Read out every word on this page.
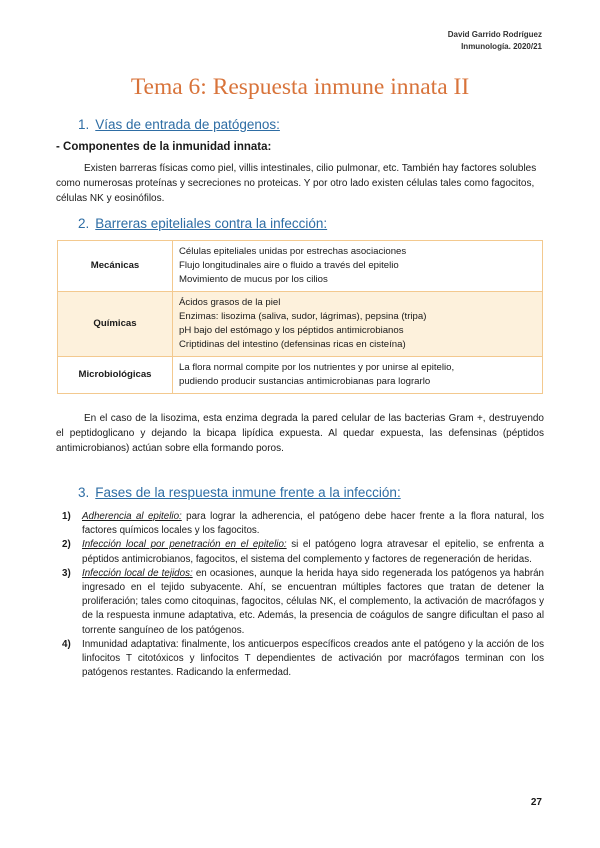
David Garrido Rodríguez
Inmunología. 2020/21
Tema 6: Respuesta inmune innata II
1. Vías de entrada de patógenos:
- Componentes de la inmunidad innata:
Existen barreras físicas como piel, villis intestinales, cilio pulmonar, etc. También hay factores solubles como numerosas proteínas y secreciones no proteicas. Y por otro lado existen células tales como fagocitos, células NK y eosinófilos.
2. Barreras epiteliales contra la infección:
Mecánicas	Células epiteliales unidas por estrechas asociaciones
Flujo longitudinales aire o fluido a través del epitelio
Movimiento de mucus por los cilios

Químicas	Ácidos grasos de la piel
Enzimas: lisozima (saliva, sudor, lágrimas), pepsina (tripa)
pH bajo del estómago y los péptidos antimicrobianos
Criptidinas del intestino (defensinas ricas en cisteína)

Microbiológicas	La flora normal compite por los nutrientes y por unirse al epitelio,
pudiendo producir sustancias antimicrobianas para lograrlo
En el caso de la lisozima, esta enzima degrada la pared celular de las bacterias Gram +, destruyendo el peptidoglicano y dejando la bicapa lipídica expuesta. Al quedar expuesta, las defensinas (péptidos antimicrobianos) actúan sobre ella formando poros.
3. Fases de la respuesta inmune frente a la infección:
1) Adherencia al epitelio: para lograr la adherencia, el patógeno debe hacer frente a la flora natural, los factores químicos locales y los fagocitos.
2) Infección local por penetración en el epitelio: si el patógeno logra atravesar el epitelio, se enfrenta a péptidos antimicrobianos, fagocitos, el sistema del complemento y factores de regeneración de heridas.
3) Infección local de tejidos: en ocasiones, aunque la herida haya sido regenerada los patógenos ya habrán ingresado en el tejido subyacente. Ahí, se encuentran múltiples factores que tratan de detener la proliferación; tales como citoquinas, fagocitos, células NK, el complemento, la activación de macrófagos y de la respuesta inmune adaptativa, etc. Además, la presencia de coágulos de sangre dificultan el paso al torrente sanguíneo de los patógenos.
4) Inmunidad adaptativa: finalmente, los anticuerpos específicos creados ante el patógeno y la acción de los linfocitos T citotóxicos y linfocitos T dependientes de activación por macrófagos terminan con los patógenos restantes. Radicando la enfermedad.
27
